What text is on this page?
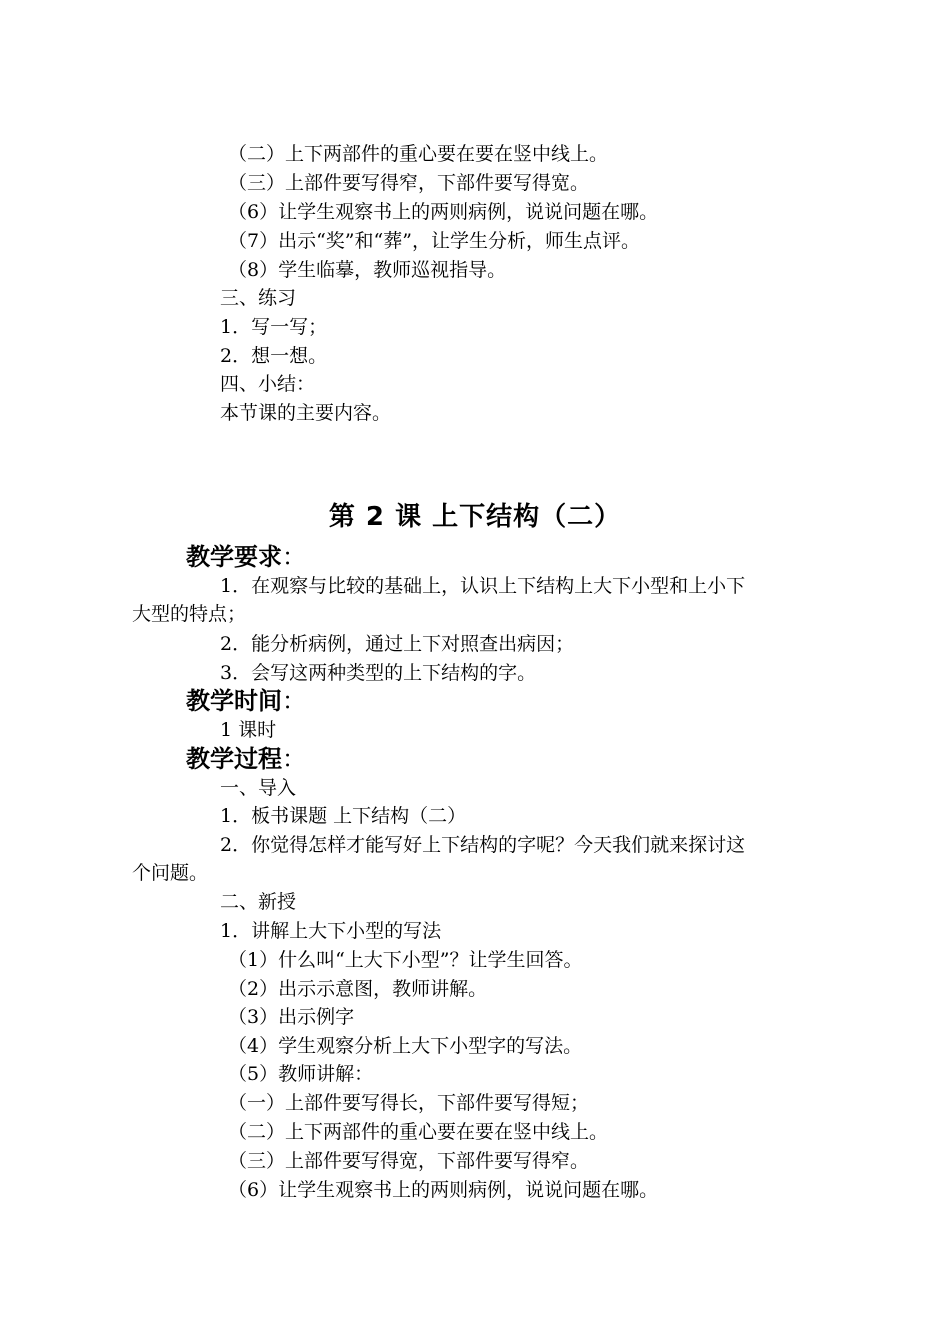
（二）上下两部件的重心要在要在竖中线上。
（三）上部件要写得窄，下部件要写得宽。
（6）让学生观察书上的两则病例，说说问题在哪。
（7）出示“奖”和“葬”，让学生分析，师生点评。
（8）学生临摹，教师巡视指导。
三、练习
1．写一写；
2．想一想。
四、小结：
本节课的主要内容。
第 2 课 上下结构（二）
教学要求：
1．在观察与比较的基础上，认识上下结构上大下小型和上小下
大型的特点；
2．能分析病例，通过上下对照查出病因；
3．会写这两种类型的上下结构的字。
教学时间：
1 课时
教学过程：
一、导入
1．板书课题 上下结构（二）
2．你觉得怎样才能写好上下结构的字呢？今天我们就来探讨这
个问题。
二、新授
1．讲解上大下小型的写法
（1）什么叫“上大下小型”？让学生回答。
（2）出示示意图，教师讲解。
（3）出示例字
（4）学生观察分析上大下小型字的写法。
（5）教师讲解：
（一）上部件要写得长，下部件要写得短；
（二）上下两部件的重心要在要在竖中线上。
（三）上部件要写得宽，下部件要写得窄。
（6）让学生观察书上的两则病例，说说问题在哪。
